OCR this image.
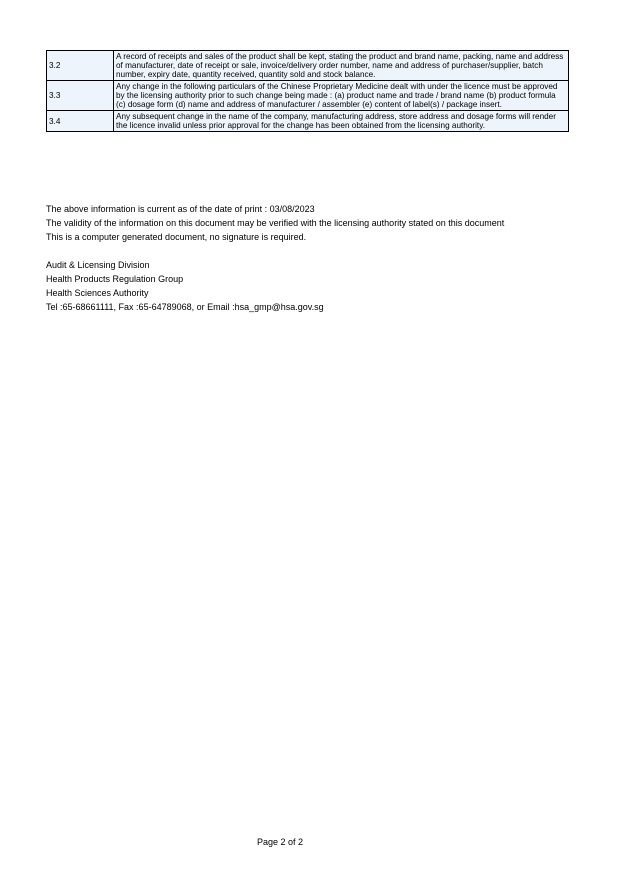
3.2	A record of receipts and sales of the product shall be kept, stating the product and brand name, packing, name and address of manufacturer, date of receipt or sale, invoice/delivery order number, name and address of purchaser/supplier, batch number, expiry date, quantity received, quantity sold and stock balance.
3.3	Any change in the following particulars of the Chinese Proprietary Medicine dealt with under the licence must be approved by the licensing authority prior to such change being made : (a) product name and trade / brand name (b) product formula (c) dosage form (d) name and address of manufacturer / assembler (e) content of label(s) / package insert.
3.4	Any subsequent change in the name of the company, manufacturing address, store address and dosage forms will render the licence invalid unless prior approval for the change has been obtained from the licensing authority.

The above information is current as of the date of print : 03/08/2023

The validity of the information on this document may be verified with the licensing authority stated on this document

This is a computer generated document, no signature is required.

Audit & Licensing Division

Health Products Regulation Group

Health Sciences Authority

Tel :65-68661111, Fax :65-64789068, or Email :hsa_gmp@hsa.gov.sg

Page 2 of 2
